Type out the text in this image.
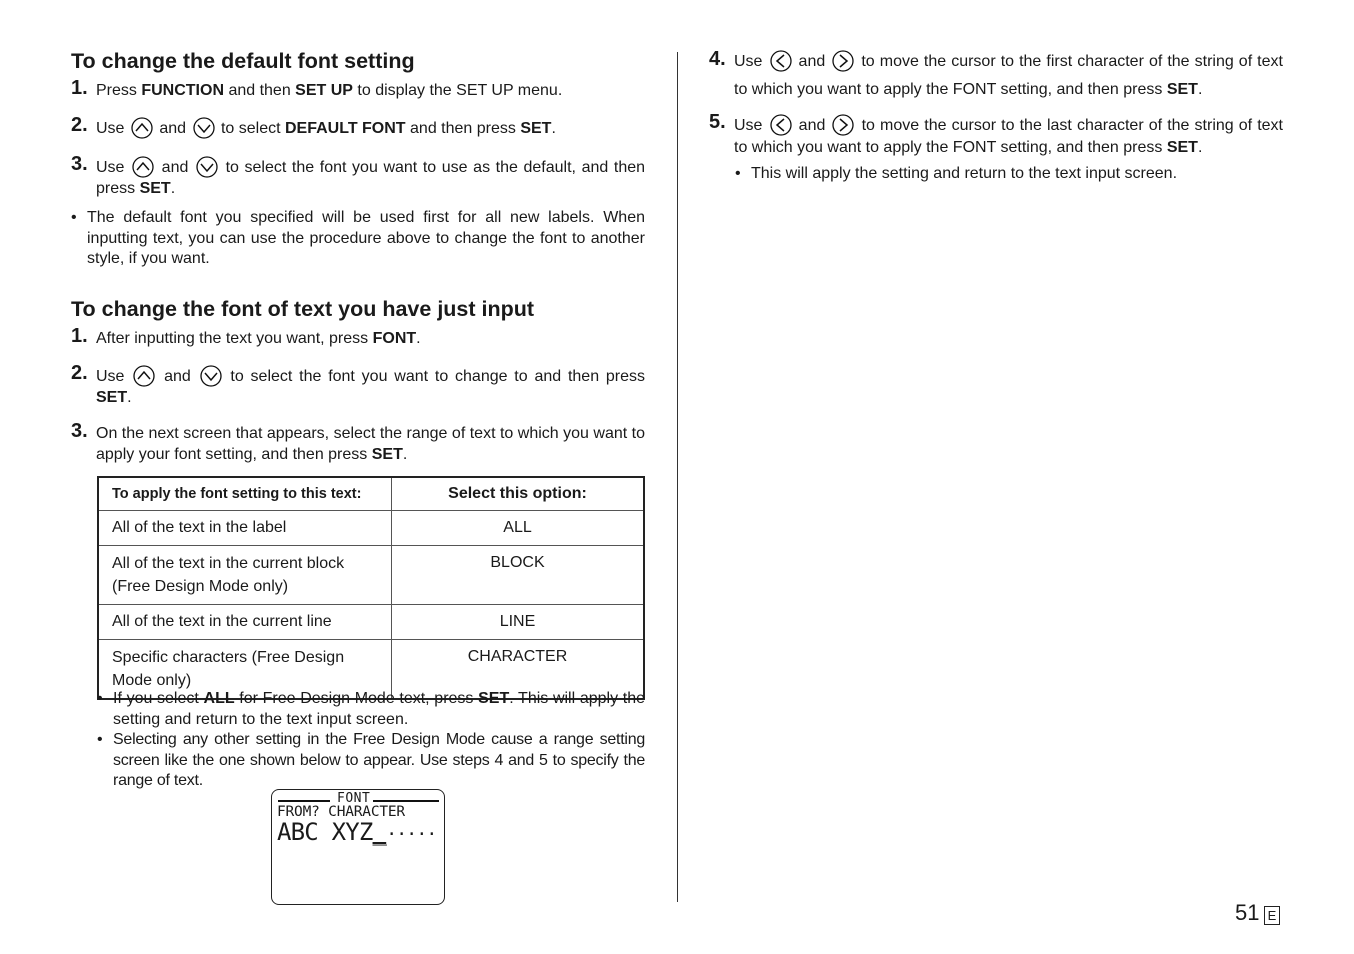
To change the default font setting
1. Press FUNCTION and then SET UP to display the SET UP menu.
2. Use and to select DEFAULT FONT and then press SET.
3. Use and to select the font you want to use as the default, and then press SET.
• The default font you specified will be used first for all new labels. When inputting text, you can use the procedure above to change the font to another style, if you want.
To change the font of text you have just input
1. After inputting the text you want, press FONT.
2. Use and to select the font you want to change to and then press SET.
3. On the next screen that appears, select the range of text to which you want to apply your font setting, and then press SET.
To apply the font setting to this text:	Select this option:
All of the text in the label	ALL
All of the text in the current block (Free Design Mode only)	BLOCK
All of the text in the current line	LINE
Specific characters (Free Design Mode only)	CHARACTER
• If you select ALL for Free Design Mode text, press SET. This will apply the setting and return to the text input screen.
• Selecting any other setting in the Free Design Mode cause a range setting screen like the one shown below to appear. Use steps 4 and 5 to specify the range of text.
FONT
FROM? CHARACTER
ABC XYZ_·····
4. Use and to move the cursor to the first character of the string of text to which you want to apply the FONT setting, and then press SET.
5. Use and to move the cursor to the last character of the string of text to which you want to apply the FONT setting, and then press SET.
• This will apply the setting and return to the text input screen.
51 E
